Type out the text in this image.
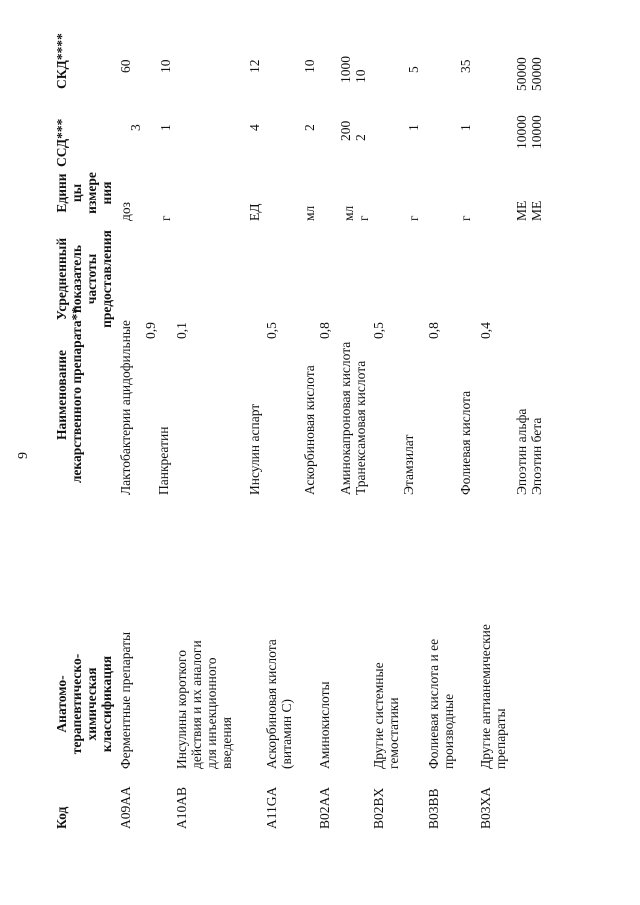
9
Код
Анатомо- терапевтическо- химическая классификация
Наименование лекарственного препарата**
Усредненный показатель частоты предоставления
Едини цы измере ния
ССД***
СКД****
A09AA
Ферментные препараты
Лактобактерии ацидофильные 0,9
доз
3
60
A10AB
Инсулины короткого действия и их аналоги для инъекционного введения
Панкреатин
0,1
г
1
10
A11GA
Аскорбиновая кислота (витамин С)
Инсулин аспарт
0,5
ЕД
4
12
B02AA
Аминокислоты
Аскорбиновая кислота
0,8
мл
2
10
Аминокапроновая кислота Транексамовая кислота
мл г
200 2
1000 10
B02BX
Другие системные гемостатики
0,5
Этамзилат
г
1
5
B03BB
Фолиевая кислота и ее производные
0,8
Фолиевая кислота
г
1
35
B03XA
Другие антианемические препараты
0,4
Эпоэтин альфа Эпоэтин бета
МЕ МЕ
10000 10000
50000 50000
